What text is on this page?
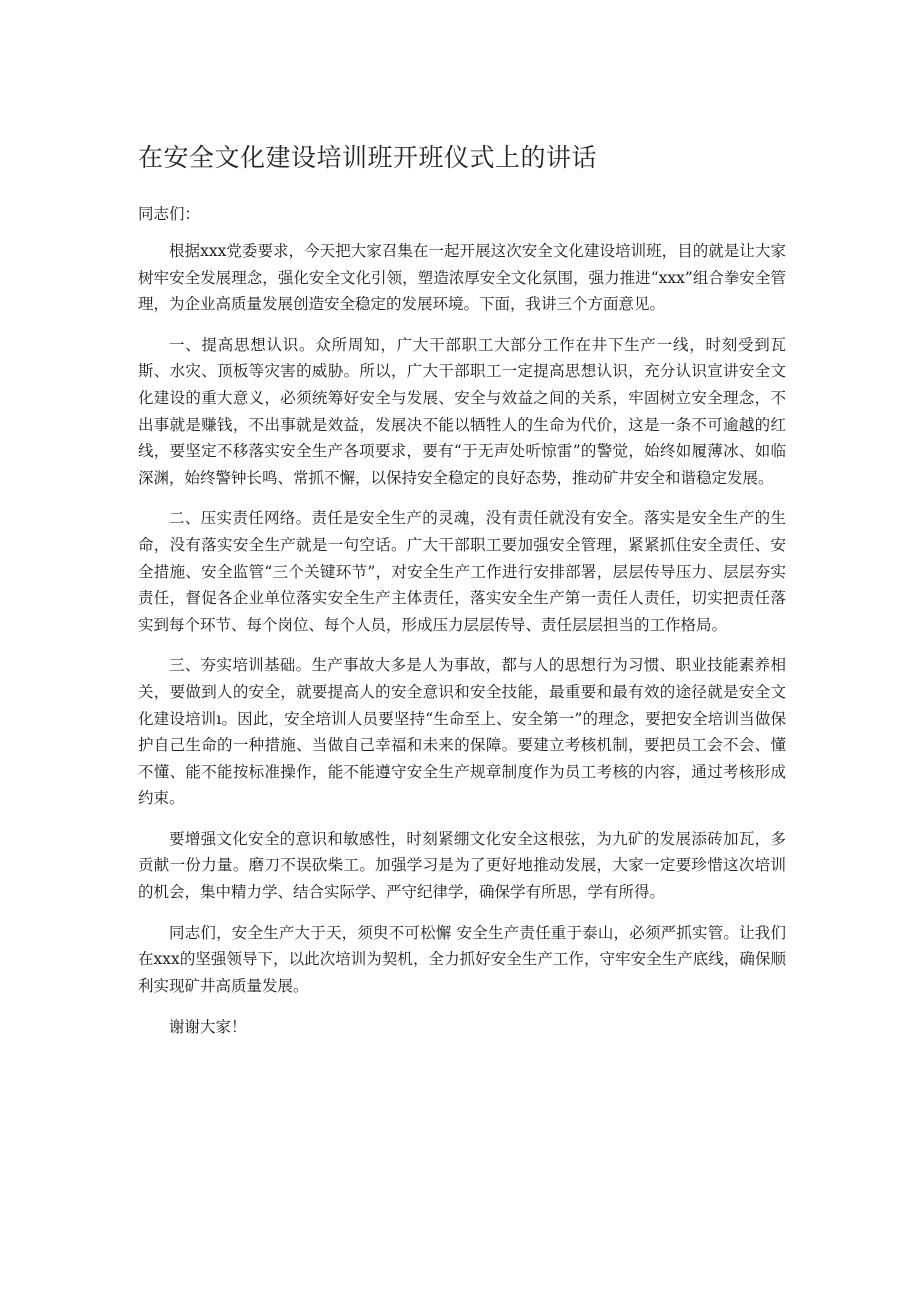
在安全文化建设培训班开班仪式上的讲话

同志们：

根据xxx党委要求，今天把大家召集在一起开展这次安全文化建设培训班，目的就是让大家树牢安全发展理念，强化安全文化引领，塑造浓厚安全文化氛围，强力推进“xxx”组合拳安全管理，为企业高质量发展创造安全稳定的发展环境。下面，我讲三个方面意见。

一、提高思想认识。众所周知，广大干部职工大部分工作在井下生产一线，时刻受到瓦斯、水灾、顶板等灾害的威胁。所以，广大干部职工一定提高思想认识，充分认识宣讲安全文化建设的重大意义，必须统筹好安全与发展、安全与效益之间的关系，牢固树立安全理念，不出事就是赚钱，不出事就是效益，发展决不能以牺牲人的生命为代价，这是一条不可逾越的红线，要坚定不移落实安全生产各项要求，要有“于无声处听惊雷”的警觉，始终如履薄冰、如临深渊，始终警钟长鸣、常抓不懈，以保持安全稳定的良好态势，推动矿井安全和谐稳定发展。

二、压实责任网络。责任是安全生产的灵魂，没有责任就没有安全。落实是安全生产的生命，没有落实安全生产就是一句空话。广大干部职工要加强安全管理，紧紧抓住安全责任、安全措施、安全监管“三个关键环节”，对安全生产工作进行安排部署，层层传导压力、层层夯实责任，督促各企业单位落实安全生产主体责任，落实安全生产第一责任人责任，切实把责任落实到每个环节、每个岗位、每个人员，形成压力层层传导、责任层层担当的工作格局。

三、夯实培训基础。生产事故大多是人为事故，都与人的思想行为习惯、职业技能素养相关，要做到人的安全，就要提高人的安全意识和安全技能，最重要和最有效的途径就是安全文化建设培训ı。因此，安全培训人员要坚持“生命至上、安全第一”的理念，要把安全培训当做保护自己生命的一种措施、当做自己幸福和未来的保障。要建立考核机制，要把员工会不会、懂不懂、能不能按标准操作，能不能遵守安全生产规章制度作为员工考核的内容，通过考核形成约束。

要增强文化安全的意识和敏感性，时刻紧绷文化安全这根弦，为九矿的发展添砖加瓦，多贡献一份力量。磨刀不误砍柴工。加强学习是为了更好地推动发展，大家一定要珍惜这次培训的机会，集中精力学、结合实际学、严守纪律学，确保学有所思，学有所得。

同志们，安全生产大于天，须臾不可松懈 安全生产责任重于泰山，必须严抓实管。让我们在xxx的坚强领导下，以此次培训为契机，全力抓好安全生产工作，守牢安全生产底线，确保顺利实现矿井高质量发展。

谢谢大家！
